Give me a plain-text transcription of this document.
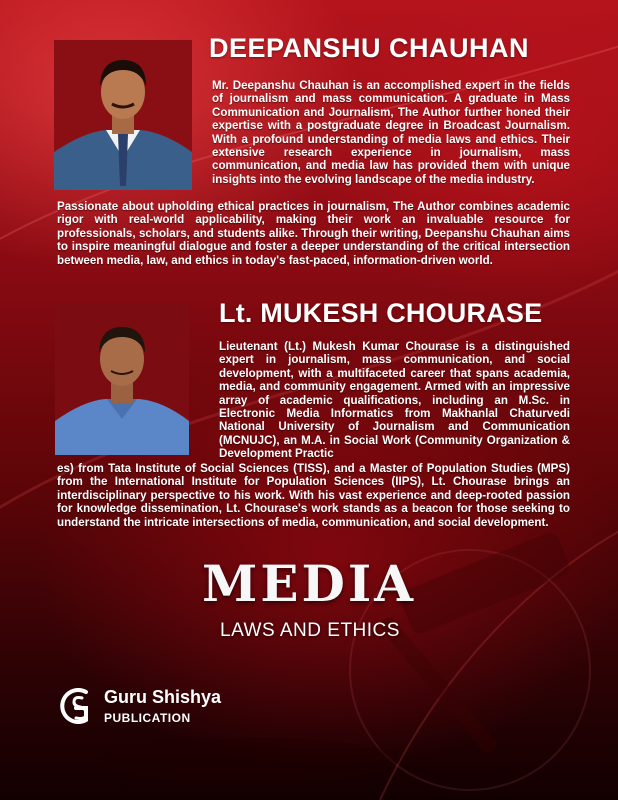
DEEPANSHU CHAUHAN

Mr. Deepanshu Chauhan is an accomplished expert in the fields of journalism and mass communication. A graduate in Mass Communication and Journalism, The Author further honed their expertise with a postgraduate degree in Broadcast Journalism. With a profound understanding of media laws and ethics. Their extensive research experience in journalism, mass communication, and media law has provided them with unique insights into the evolving landscape of the media industry.

Passionate about upholding ethical practices in journalism, The Author combines academic rigor with real-world applicability, making their work an invaluable resource for professionals, scholars, and students alike. Through their writing, Deepanshu Chauhan aims to inspire meaningful dialogue and foster a deeper understanding of the critical intersection between media, law, and ethics in today's fast-paced, information-driven world.

Lt. MUKESH CHOURASE

Lieutenant (Lt.) Mukesh Kumar Chourase is a distinguished expert in journalism, mass communication, and social development, with a multifaceted career that spans academia, media, and community engagement. Armed with an impressive array of academic qualifications, including an M.Sc. in Electronic Media Informatics from Makhanlal Chaturvedi National University of Journalism and Communication (MCNUJC), an M.A. in Social Work (Community Organization & Development Practic

es) from Tata Institute of Social Sciences (TISS), and a Master of Population Studies (MPS) from the International Institute for Population Sciences (IIPS), Lt. Chourase brings an interdisciplinary perspective to his work. With his vast experience and deep-rooted passion for knowledge dissemination, Lt. Chourase's work stands as a beacon for those seeking to understand the intricate intersections of media, communication, and social development.

MEDIA

LAWS AND ETHICS

Guru Shishya
PUBLICATION
